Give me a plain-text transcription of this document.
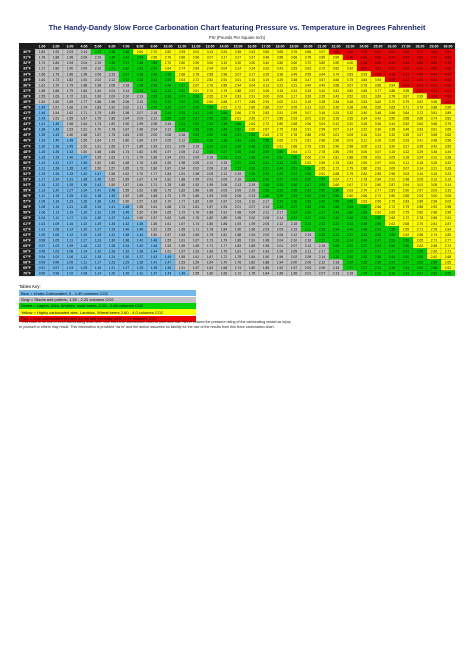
The Handy-Dandy Slow Force Carbonation Chart featuring Pressure vs. Temperature in Degrees Fahrenheit
PSI (Pounds Per Square Inch)
1.00 2.00 3.00 4.00 5.00 6.00 7.00 8.00 9.00 10.00 11.00 12.00 13.00 14.00 15.00 16.00 17.00 18.00 19.00 20.00 21.00 22.00 23.00 24.00 25.00 26.00 27.00 28.00 29.00 30.00
30°F 1.82 1.92 2.03 2.14 2.23 2.36 2.48 2.60 2.70 2.82 2.93 3.02 3.13 3.24 3.35 3.43 3.54 3.65 3.76 3.86 3.97 4.08 4.18 4.29 4.40 4.51 4.62 4.72 4.83 4.94
31°F 1.78 1.88 1.98 2.09 2.19 2.30 2.42 2.54 2.65 2.76 2.86 2.96 3.07 3.17 3.27 3.37 3.48 3.58 3.68 3.78 3.89 3.99 4.10 4.20 4.30 4.41 4.51 4.62 4.72 4.82
32°F 1.74 1.84 1.94 2.04 2.15 2.25 2.37 2.48 2.59 2.70 2.80 2.90 3.00 3.10 3.20 3.30 3.40 3.50 3.60 3.70 3.80 3.90 4.00 4.10 4.20 4.30 4.40 4.50 4.60 4.70
33°F 1.71 1.80 1.90 2.00 2.10 2.21 2.32 2.43 2.54 2.64 2.74 2.84 2.94 3.04 3.14 3.24 3.33 3.43 3.53 3.63 3.72 3.82 3.92 4.02 4.11 4.21 4.31 4.40 4.50 4.60
34°F 1.68 1.76 1.86 1.96 2.06 2.16 2.27 2.38 2.48 2.58 2.68 2.78 2.88 2.98 3.07 3.17 3.26 3.36 3.45 3.55 3.64 3.74 3.83 3.93 4.02 4.12 4.21 4.30 4.40 4.49
35°F 1.64 1.73 1.82 1.92 2.02 2.12 2.22 2.33 2.43 2.53 2.63 2.72 2.82 2.91 3.01 3.10 3.19 3.29 3.38 3.47 3.57 3.66 3.75 3.84 3.94 4.03 4.12 4.21 4.31 4.40
36°F 1.61 1.70 1.79 1.88 1.98 2.08 2.18 2.28 2.38 2.48 2.57 2.67 2.76 2.85 2.94 3.04 3.13 3.22 3.31 3.40 3.49 3.58 3.67 3.76 3.85 3.94 4.03 4.12 4.21 4.30
37°F 1.58 1.66 1.75 1.84 1.94 2.04 2.14 2.24 2.33 2.43 2.52 2.61 2.70 2.79 2.88 2.97 3.06 3.15 3.24 3.33 3.42 3.51 3.60 3.68 3.77 3.86 3.95 4.04 4.12 4.21
38°F 1.55 1.63 1.72 1.81 1.90 2.00 2.10 2.19 2.29 2.38 2.47 2.56 2.65 2.74 2.83 2.91 3.00 3.09 3.17 3.26 3.35 3.43 3.52 3.61 3.69 3.78 3.87 3.95 4.04 4.12
39°F 1.52 1.60 1.69 1.77 1.86 1.96 2.06 2.15 2.24 2.33 2.42 2.51 2.60 2.68 2.77 2.85 2.94 3.02 3.11 3.19 3.28 3.36 3.45 3.53 3.62 3.70 3.79 3.87 3.96 4.04
40°F 1.49 1.57 1.66 1.74 1.83 1.92 2.02 2.11 2.20 2.29 2.37 2.46 2.55 2.63 2.72 2.80 2.88 2.97 3.05 3.13 3.22 3.30 3.38 3.46 3.55 3.63 3.71 3.79 3.88 3.96
41°F 1.46 1.54 1.62 1.71 1.79 1.89 1.98 2.07 2.16 2.24 2.33 2.41 2.50 2.58 2.66 2.75 2.83 2.91 2.99 3.07 3.16 3.24 3.32 3.40 3.48 3.56 3.64 3.72 3.81 3.89
42°F 1.43 1.51 1.59 1.67 1.76 1.85 1.94 2.03 2.12 2.20 2.28 2.37 2.45 2.53 2.61 2.69 2.77 2.85 2.93 3.01 3.10 3.18 3.26 3.34 3.42 3.50 3.58 3.66 3.74 3.82
43°F 1.41 1.48 1.56 1.64 1.73 1.82 1.90 1.99 2.08 2.16 2.24 2.32 2.40 2.48 2.56 2.64 2.72 2.80 2.88 2.96 3.04 3.12 3.20 3.28 3.36 3.44 3.52 3.60 3.68 3.76
44°F 1.38 1.46 1.53 1.61 1.70 1.78 1.87 1.96 2.04 2.12 2.20 2.28 2.36 2.44 2.52 2.60 2.67 2.75 2.83 2.91 2.99 3.07 3.14 3.22 3.30 3.38 3.46 3.53 3.61 3.69
45°F 1.35 1.43 1.50 1.58 1.67 1.75 1.84 1.92 2.00 2.08 2.16 2.24 2.32 2.40 2.47 2.55 2.63 2.70 2.78 2.86 2.93 3.01 3.09 3.16 3.24 3.32 3.39 3.47 3.55 3.62
46°F 1.33 1.40 1.48 1.55 1.64 1.72 1.80 1.89 1.97 2.05 2.12 2.20 2.28 2.35 2.43 2.50 2.58 2.65 2.73 2.81 2.88 2.96 3.03 3.11 3.18 3.26 3.33 3.41 3.48 3.56
47°F 1.30 1.38 1.45 1.52 1.61 1.69 1.77 1.85 1.93 2.01 2.09 2.16 2.24 2.31 2.39 2.46 2.53 2.61 2.68 2.76 2.83 2.90 2.98 3.05 3.13 3.20 3.27 3.35 3.42 3.50
48°F 1.28 1.35 1.42 1.50 1.58 1.66 1.74 1.82 1.90 1.97 2.05 2.12 2.20 2.27 2.35 2.42 2.49 2.56 2.64 2.71 2.78 2.85 2.93 3.00 3.07 3.15 3.22 3.29 3.36 3.44
49°F 1.26 1.33 1.40 1.47 1.55 1.63 1.71 1.79 1.86 1.94 2.01 2.09 2.16 2.23 2.31 2.38 2.45 2.52 2.59 2.66 2.74 2.81 2.88 2.95 3.02 3.09 3.16 3.24 3.31 3.38
50°F 1.24 1.31 1.37 1.45 1.52 1.60 1.68 1.76 1.83 1.90 1.98 2.05 2.12 2.19 2.27 2.34 2.41 2.48 2.55 2.62 2.69 2.76 2.83 2.90 2.97 3.04 3.11 3.18 3.25 3.32
51°F 1.21 1.28 1.35 1.42 1.50 1.57 1.65 1.73 1.80 1.87 1.94 2.02 2.09 2.16 2.23 2.30 2.37 2.44 2.51 2.58 2.65 2.72 2.79 2.86 2.93 3.00 3.07 3.14 3.21 3.28
52°F 1.19 1.26 1.33 1.40 1.47 1.55 1.62 1.70 1.77 1.84 1.91 1.98 2.05 2.12 2.19 2.26 2.33 2.40 2.47 2.54 2.61 2.68 2.75 2.82 2.89 2.96 3.03 3.10 3.16 3.23
53°F 1.17 1.24 1.31 1.38 1.45 1.52 1.59 1.67 1.74 1.81 1.88 1.95 2.02 2.09 2.16 2.23 2.30 2.37 2.43 2.50 2.57 2.64 2.71 2.78 2.84 2.91 2.98 3.05 3.12 3.19
54°F 1.15 1.22 1.29 1.36 1.43 1.50 1.57 1.64 1.71 1.78 1.85 1.92 1.99 2.06 2.13 2.19 2.26 2.33 2.40 2.47 2.53 2.60 2.67 2.74 2.80 2.87 2.94 3.01 3.08 3.14
55°F 1.13 1.20 1.27 1.34 1.41 1.48 1.55 1.62 1.68 1.75 1.82 1.89 1.96 2.03 2.09 2.16 2.23 2.30 2.36 2.43 2.50 2.56 2.63 2.70 2.77 2.83 2.90 2.97 3.03 3.10
56°F 1.11 1.18 1.25 1.32 1.38 1.45 1.52 1.59 1.66 1.72 1.79 1.86 1.93 2.00 2.06 2.13 2.20 2.26 2.33 2.40 2.46 2.53 2.60 2.66 2.73 2.80 2.86 2.93 3.00 3.06
57°F 1.09 1.16 1.23 1.30 1.36 1.43 1.50 1.57 1.63 1.70 1.77 1.83 1.90 1.97 2.03 2.10 2.17 2.23 2.30 2.36 2.43 2.50 2.56 2.63 2.69 2.76 2.83 2.89 2.96 3.02
58°F 1.08 1.14 1.21 1.28 1.34 1.41 1.48 1.55 1.61 1.68 1.74 1.81 1.87 1.94 2.01 2.07 2.14 2.20 2.27 2.33 2.40 2.46 2.53 2.59 2.66 2.72 2.79 2.85 2.92 2.98
59°F 1.06 1.13 1.19 1.26 1.32 1.39 1.46 1.52 1.59 1.65 1.72 1.78 1.85 1.91 1.98 2.04 2.11 2.17 2.24 2.30 2.37 2.43 2.50 2.56 2.62 2.69 2.75 2.82 2.88 2.95
60°F 1.04 1.11 1.17 1.24 1.30 1.37 1.44 1.50 1.57 1.63 1.69 1.76 1.82 1.89 1.95 2.02 2.08 2.14 2.21 2.27 2.34 2.40 2.46 2.53 2.59 2.65 2.72 2.78 2.85 2.91
61°F 1.03 1.09 1.16 1.22 1.29 1.35 1.42 1.48 1.55 1.61 1.67 1.74 1.80 1.86 1.93 1.99 2.05 2.12 2.18 2.24 2.31 2.37 2.43 2.49 2.56 2.62 2.68 2.75 2.81 2.87
62°F 1.01 1.08 1.14 1.20 1.27 1.33 1.40 1.46 1.52 1.59 1.65 1.71 1.78 1.84 1.90 1.96 2.03 2.09 2.15 2.21 2.28 2.34 2.40 2.46 2.53 2.59 2.65 2.71 2.78 2.84
63°F 1.00 1.06 1.12 1.19 1.25 1.31 1.38 1.44 1.50 1.57 1.63 1.69 1.75 1.81 1.88 1.94 2.00 2.06 2.12 2.19 2.25 2.31 2.37 2.43 2.50 2.56 2.62 2.68 2.74 2.80
64°F 0.98 1.05 1.11 1.17 1.23 1.30 1.36 1.42 1.48 1.55 1.61 1.67 1.73 1.79 1.85 1.91 1.98 2.04 2.10 2.16 2.22 2.28 2.34 2.40 2.47 2.53 2.59 2.65 2.71 2.77
65°F 0.97 1.03 1.09 1.15 1.22 1.28 1.34 1.40 1.46 1.53 1.59 1.65 1.71 1.77 1.83 1.89 1.95 2.01 2.07 2.13 2.19 2.25 2.31 2.37 2.43 2.50 2.56 2.62 2.68 2.74
66°F 0.95 1.02 1.08 1.14 1.20 1.26 1.32 1.38 1.44 1.51 1.57 1.63 1.69 1.75 1.81 1.87 1.93 1.99 2.05 2.11 2.17 2.23 2.29 2.35 2.41 2.47 2.53 2.59 2.65 2.71
67°F 0.94 1.00 1.06 1.12 1.18 1.24 1.30 1.37 1.43 1.49 1.55 1.61 1.67 1.72 1.78 1.84 1.90 1.96 2.02 2.08 2.14 2.20 2.26 2.32 2.38 2.44 2.50 2.56 2.62 2.68
68°F 0.93 0.99 1.05 1.11 1.17 1.23 1.29 1.35 1.41 1.47 1.53 1.59 1.64 1.70 1.76 1.82 1.88 1.94 2.00 2.06 2.12 2.18 2.24 2.29 2.35 2.41 2.47 2.53 2.59 2.65
69°F 0.91 0.97 1.03 1.09 1.15 1.21 1.27 1.33 1.39 1.45 1.51 1.57 1.62 1.68 1.74 1.80 1.86 1.92 1.97 2.03 2.09 2.15 2.21 2.27 2.33 2.38 2.44 2.50 2.56 2.62
70°F 0.90 0.96 1.02 1.08 1.14 1.20 1.26 1.31 1.37 1.43 1.49 1.55 1.60 1.66 1.72 1.78 1.84 1.89 1.95 2.01 2.07 2.13 2.18 2.24 2.30 2.36 2.42 2.47 2.53 2.59
Tables Key:
Blue = Under-Carbonated, 0 - 1.40 volumes CO2
Gray = Stouts and porters, 1.50 - 2.20 volumes CO2
Green = Lagers, Ales, Ambers, most beers, 2.20 - 2.60 volumes CO2
Yellow = Highly carbonated ales, Lambics, Wheat beers 2.60 - 4.0 volumes CO2
Red = Over-carbonated (except for certain specialty ales) 4.1+ volumes CO2
* This chart is for use in force carbonating draft beer. Use this force carbonation chart at your own risk. Never exceed the pressure rating of the carbonating vessel as injury
to yourself or others may result. This information is provided "as is" and the author assumes no liability for the use of the results from this force carbonation chart.
